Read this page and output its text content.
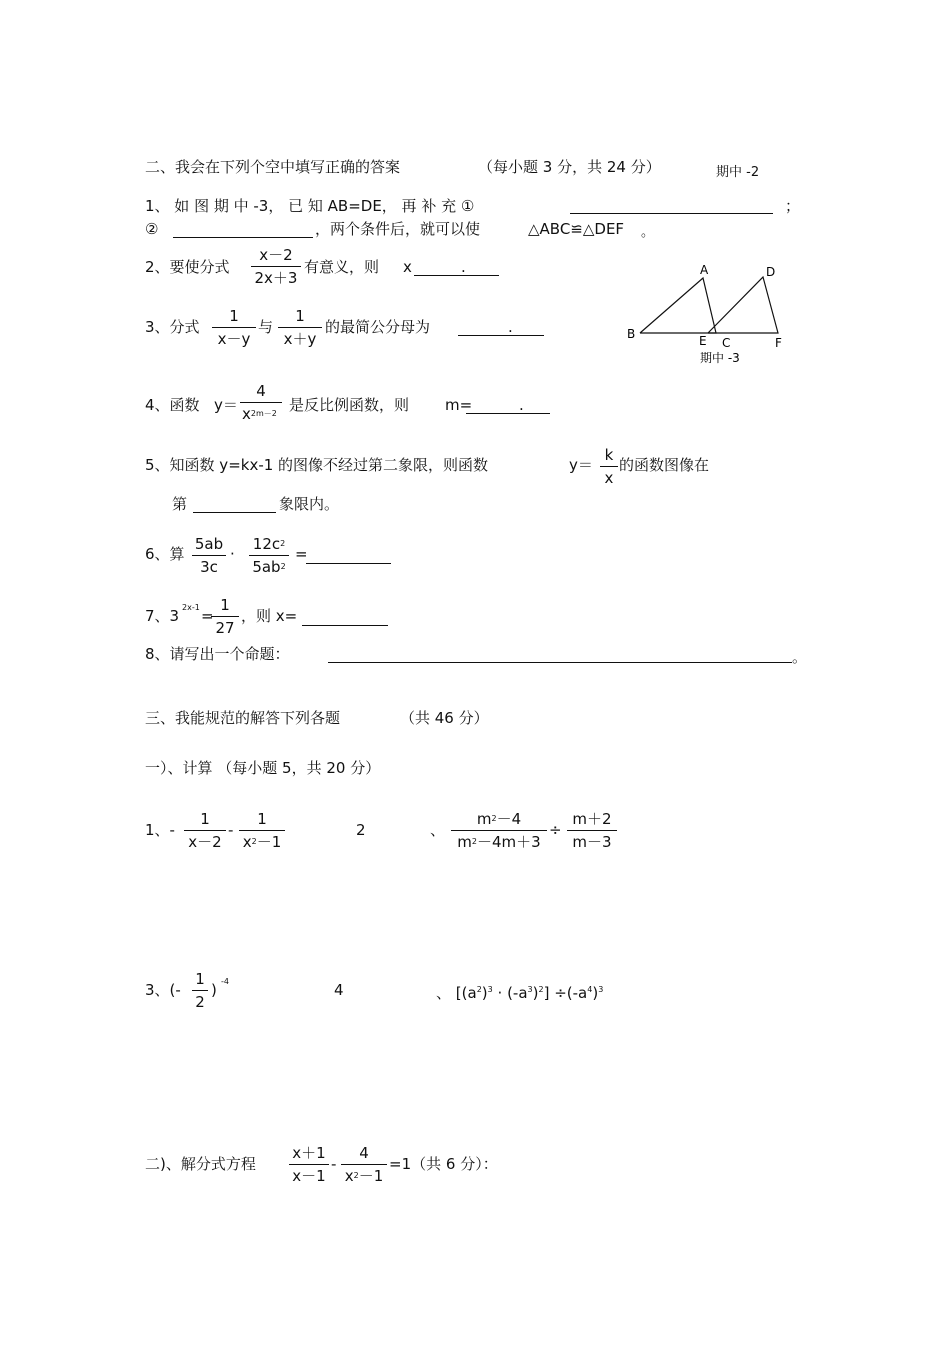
二、我会在下列个空中填写正确的答案	（每小题 3 分，共 24 分）	期中 -2
1、 如 图 期 中 -3， 已 知 AB=DE， 再 补 充 ①	；
②	，两个条件后，就可以使	△ABC≌△DEF 。
2、要使分式
x－2
2x＋3
有意义，则 x	.
3、分式
1
x－y
与
1
x＋y
的最简公分母为	.
4、函数 y＝
4
$x^{2m-2}$ 是反比例函数，则 m=	.
5、知函数 y=kx-1 的图像不经过第二象限，则函数	y＝
k
x
的函数图像在
第	象限内。
6、算
5ab
3c
·
$12c^2$
$5ab^2$
=
7、3 2x-1 =
1
27
，则 x=
8、请写出一个命题：	。
三、我能规范的解答下列各题	（共 46 分）
一）、计算 （每小题 5，共 20 分）
1、-
1
x－2
-
1
$x^2-1$
2	、
$m^2-4$
$m^2-4m+3$
÷
m＋2
m－3
3、(-
1
2
) -4	4	、 $[(a^2)^3 \cdot (-a^3)^2] \div(-a^4)^3$
二)、解分式方程
x＋1
x－1
-
4
$x^2-1$
=1（共 6 分）：
A
B
C
D
E	F
期中 -3
